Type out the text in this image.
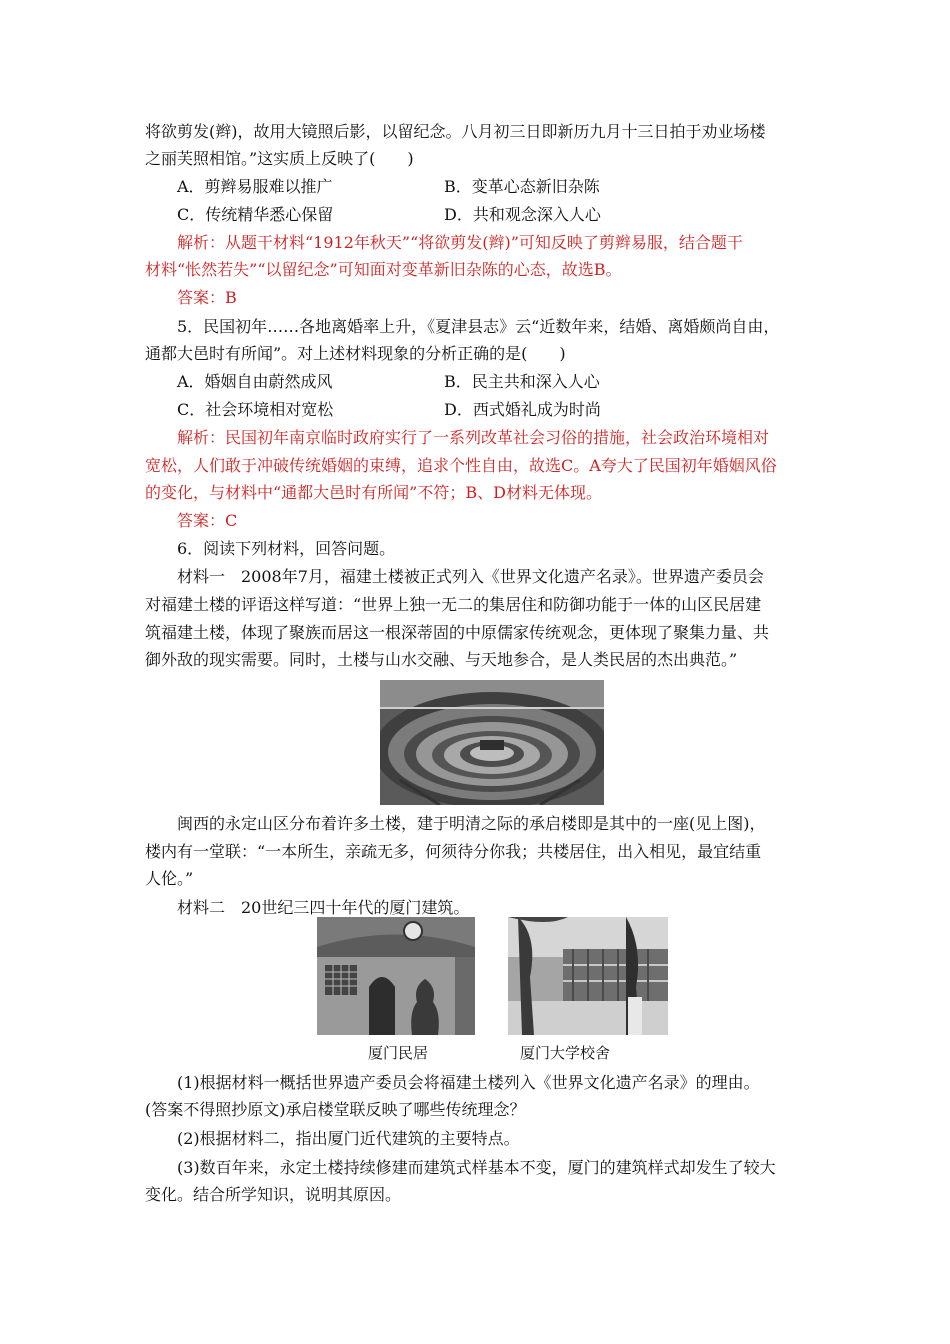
将欲剪发(辫)，故用大镜照后影，以留纪念。八月初三日即新历九月十三日拍于劝业场楼
之丽芙照相馆。”这实质上反映了(　　)
A．剪辫易服难以推广	B．变革心态新旧杂陈
C．传统精华悉心保留	D．共和观念深入人心
解析：从题干材料“1912年秋天”“将欲剪发(辫)”可知反映了剪辫易服，结合题干
材料“怅然若失”“以留纪念”可知面对变革新旧杂陈的心态，故选B。
答案：B
5．民国初年……各地离婚率上升，《夏津县志》云“近数年来，结婚、离婚颇尚自由，
通都大邑时有所闻”。对上述材料现象的分析正确的是(　　)
A．婚姻自由蔚然成风	B．民主共和深入人心
C．社会环境相对宽松	D．西式婚礼成为时尚
解析：民国初年南京临时政府实行了一系列改革社会习俗的措施，社会政治环境相对
宽松，人们敢于冲破传统婚姻的束缚，追求个性自由，故选C。A夸大了民国初年婚姻风俗
的变化，与材料中“通都大邑时有所闻”不符；B、D材料无体现。
答案：C
6．阅读下列材料，回答问题。
材料一　2008年7月，福建土楼被正式列入《世界文化遗产名录》。世界遗产委员会
对福建土楼的评语这样写道：“世界上独一无二的集居住和防御功能于一体的山区民居建
筑福建土楼，体现了聚族而居这一根深蒂固的中原儒家传统观念，更体现了聚集力量、共
御外敌的现实需要。同时，土楼与山水交融、与天地参合，是人类民居的杰出典范。”
闽西的永定山区分布着许多土楼，建于明清之际的承启楼即是其中的一座(见上图)，
楼内有一堂联：“一本所生，亲疏无多，何须待分你我；共楼居住，出入相见，最宜结重
人伦。”
材料二　20世纪三四十年代的厦门建筑。
厦门民居	厦门大学校舍
(1)根据材料一概括世界遗产委员会将福建土楼列入《世界文化遗产名录》的理由。
(答案不得照抄原文)承启楼堂联反映了哪些传统理念？
(2)根据材料二，指出厦门近代建筑的主要特点。
(3)数百年来，永定土楼持续修建而建筑式样基本不变，厦门的建筑样式却发生了较大
变化。结合所学知识，说明其原因。
